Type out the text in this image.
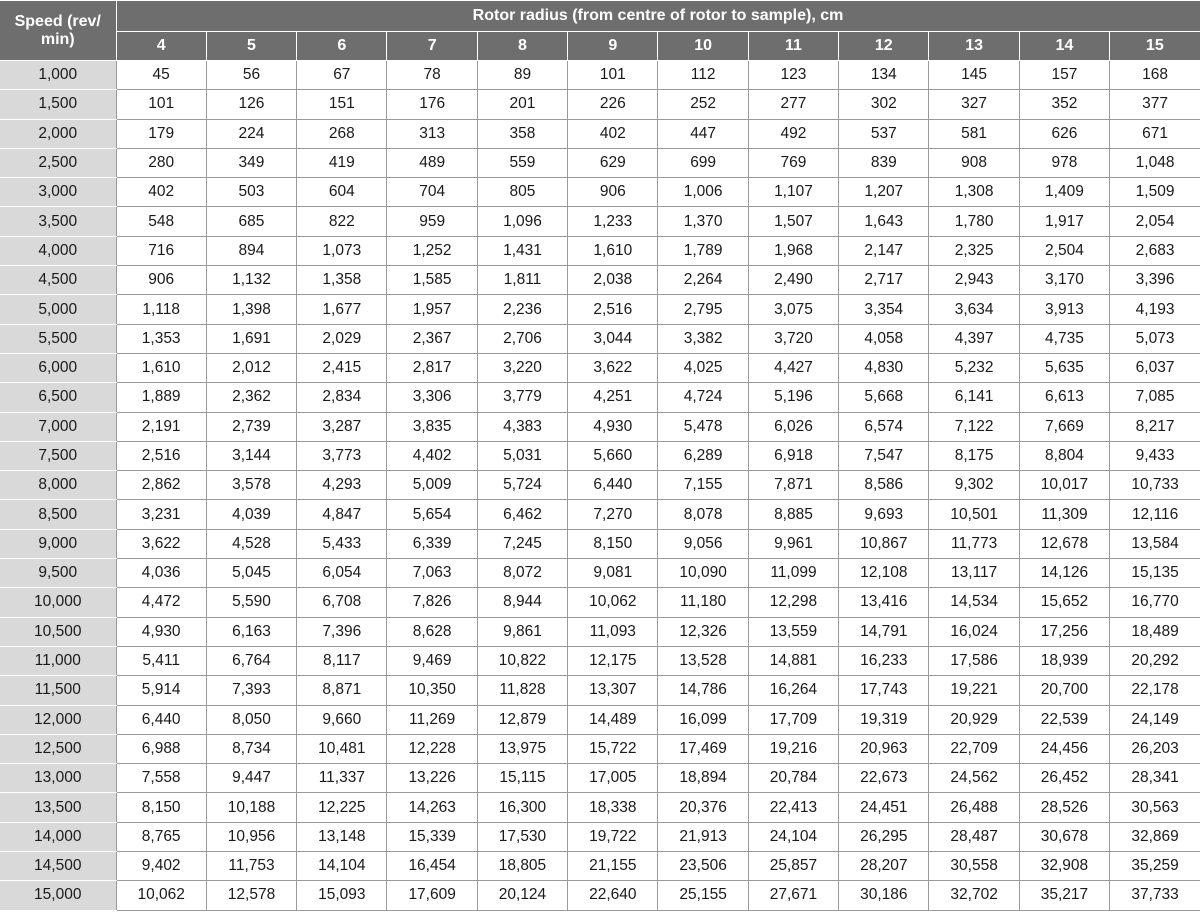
Speed (rev/ min)	Rotor radius (from centre of rotor to sample), cm											
	4	5	6	7	8	9	10	11	12	13	14	15
1,000	45	56	67	78	89	101	112	123	134	145	157	168
1,500	101	126	151	176	201	226	252	277	302	327	352	377
2,000	179	224	268	313	358	402	447	492	537	581	626	671
2,500	280	349	419	489	559	629	699	769	839	908	978	1,048
3,000	402	503	604	704	805	906	1,006	1,107	1,207	1,308	1,409	1,509
3,500	548	685	822	959	1,096	1,233	1,370	1,507	1,643	1,780	1,917	2,054
4,000	716	894	1,073	1,252	1,431	1,610	1,789	1,968	2,147	2,325	2,504	2,683
4,500	906	1,132	1,358	1,585	1,811	2,038	2,264	2,490	2,717	2,943	3,170	3,396
5,000	1,118	1,398	1,677	1,957	2,236	2,516	2,795	3,075	3,354	3,634	3,913	4,193
5,500	1,353	1,691	2,029	2,367	2,706	3,044	3,382	3,720	4,058	4,397	4,735	5,073
6,000	1,610	2,012	2,415	2,817	3,220	3,622	4,025	4,427	4,830	5,232	5,635	6,037
6,500	1,889	2,362	2,834	3,306	3,779	4,251	4,724	5,196	5,668	6,141	6,613	7,085
7,000	2,191	2,739	3,287	3,835	4,383	4,930	5,478	6,026	6,574	7,122	7,669	8,217
7,500	2,516	3,144	3,773	4,402	5,031	5,660	6,289	6,918	7,547	8,175	8,804	9,433
8,000	2,862	3,578	4,293	5,009	5,724	6,440	7,155	7,871	8,586	9,302	10,017	10,733
8,500	3,231	4,039	4,847	5,654	6,462	7,270	8,078	8,885	9,693	10,501	11,309	12,116
9,000	3,622	4,528	5,433	6,339	7,245	8,150	9,056	9,961	10,867	11,773	12,678	13,584
9,500	4,036	5,045	6,054	7,063	8,072	9,081	10,090	11,099	12,108	13,117	14,126	15,135
10,000	4,472	5,590	6,708	7,826	8,944	10,062	11,180	12,298	13,416	14,534	15,652	16,770
10,500	4,930	6,163	7,396	8,628	9,861	11,093	12,326	13,559	14,791	16,024	17,256	18,489
11,000	5,411	6,764	8,117	9,469	10,822	12,175	13,528	14,881	16,233	17,586	18,939	20,292
11,500	5,914	7,393	8,871	10,350	11,828	13,307	14,786	16,264	17,743	19,221	20,700	22,178
12,000	6,440	8,050	9,660	11,269	12,879	14,489	16,099	17,709	19,319	20,929	22,539	24,149
12,500	6,988	8,734	10,481	12,228	13,975	15,722	17,469	19,216	20,963	22,709	24,456	26,203
13,000	7,558	9,447	11,337	13,226	15,115	17,005	18,894	20,784	22,673	24,562	26,452	28,341
13,500	8,150	10,188	12,225	14,263	16,300	18,338	20,376	22,413	24,451	26,488	28,526	30,563
14,000	8,765	10,956	13,148	15,339	17,530	19,722	21,913	24,104	26,295	28,487	30,678	32,869
14,500	9,402	11,753	14,104	16,454	18,805	21,155	23,506	25,857	28,207	30,558	32,908	35,259
15,000	10,062	12,578	15,093	17,609	20,124	22,640	25,155	27,671	30,186	32,702	35,217	37,733
